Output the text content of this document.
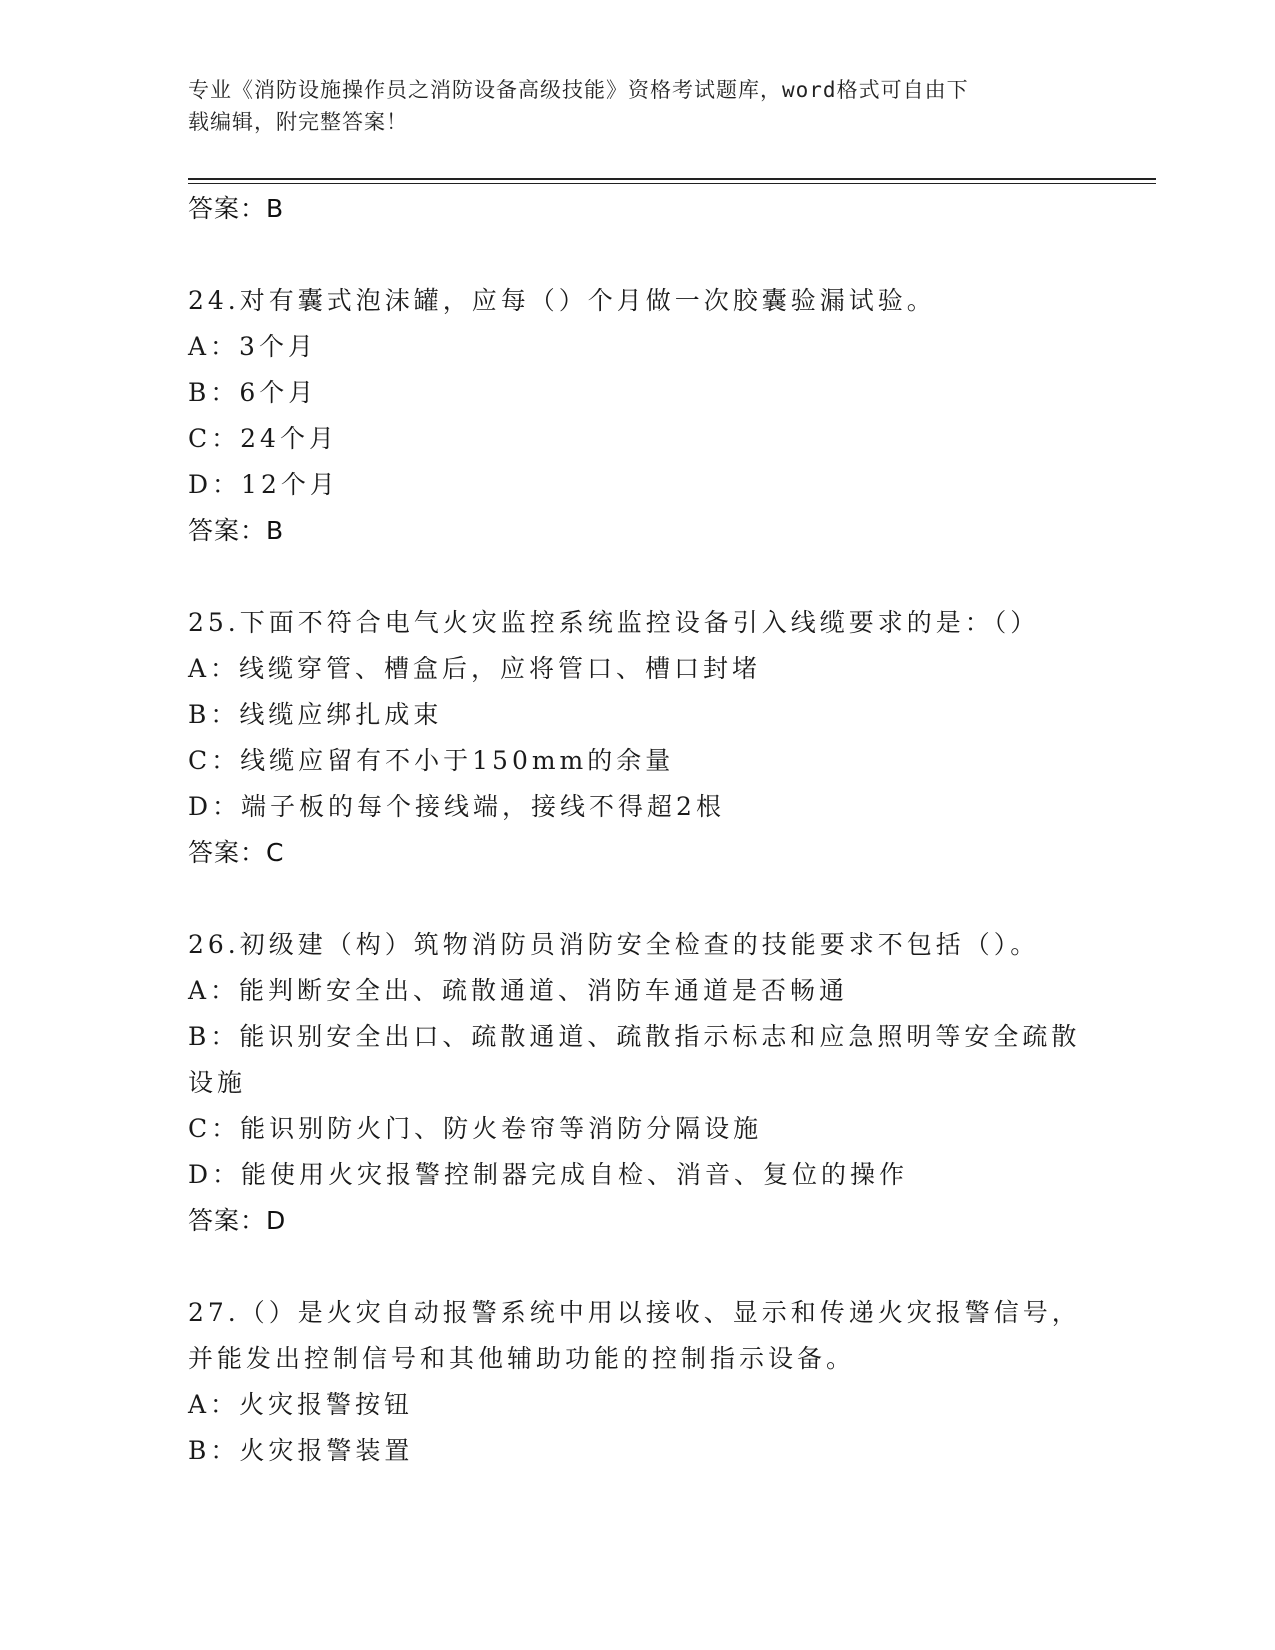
专业《消防设施操作员之消防设备高级技能》资格考试题库，word格式可自由下
载编辑，附完整答案！
答案：B
24.对有囊式泡沫罐，应每（）个月做一次胶囊验漏试验。
A：3个月
B：6个月
C：24个月
D：12个月
答案：B
25.下面不符合电气火灾监控系统监控设备引入线缆要求的是：（）
A：线缆穿管、槽盒后，应将管口、槽口封堵
B：线缆应绑扎成束
C：线缆应留有不小于150mm的余量
D：端子板的每个接线端，接线不得超2根
答案：C
26.初级建（构）筑物消防员消防安全检查的技能要求不包括（）。
A：能判断安全出、疏散通道、消防车通道是否畅通
B：能识别安全出口、疏散通道、疏散指示标志和应急照明等安全疏散设施
C：能识别防火门、防火卷帘等消防分隔设施
D：能使用火灾报警控制器完成自检、消音、复位的操作
答案：D
27.（）是火灾自动报警系统中用以接收、显示和传递火灾报警信号，并能发出控制信号和其他辅助功能的控制指示设备。
A：火灾报警按钮
B：火灾报警装置
